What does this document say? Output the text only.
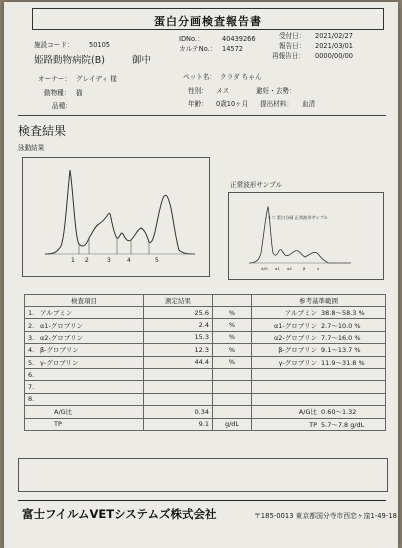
蛋白分画検査報告書
施設コード： 50105
IDNo.：	40439266
カルテNo.： 14572
受付日： 2021/02/27
報告日： 2021/03/01
再報告日： 0000/00/00
姫路動物病院(B)	御中
オーナー： グレイディ 様
動物種： 猫
品種：
ペット名： クラダ ちゃん
性別： メス	避妊・去勢：
年齢： 0歳10ヶ月 提出材料： 血清
検査結果
泳動結果
1 2	3	4	5
正常波形サンプル
ネコ 蛋白分画 正常波形サンプル
A/G α1 α2	β	γ
検査項目	測定結果		参考基準範囲
1. アルブミン	25.6	%	アルブミン 38.8～58.3 %
2. α1-グロブリン	2.4	%	α1-グロブリン 2.7～10.0 %
3. α2-グロブリン	15.3	%	α2-グロブリン 7.7～16.0 %
4. β-グロブリン	12.3	%	β-グロブリン 9.1～13.7 %
5. γ-グロブリン	44.4	%	γ-グロブリン 11.9～31.8 %
6.			
7.			
8.			
A/G比	0.34		A/G比 0.60～1.32
TP	9.1	g/dL	TP 5.7～7.8 g/dL
富士フイルムVETシステムズ株式会社	〒185-0013 東京都国分寺市西恋ヶ窪1-49-18
